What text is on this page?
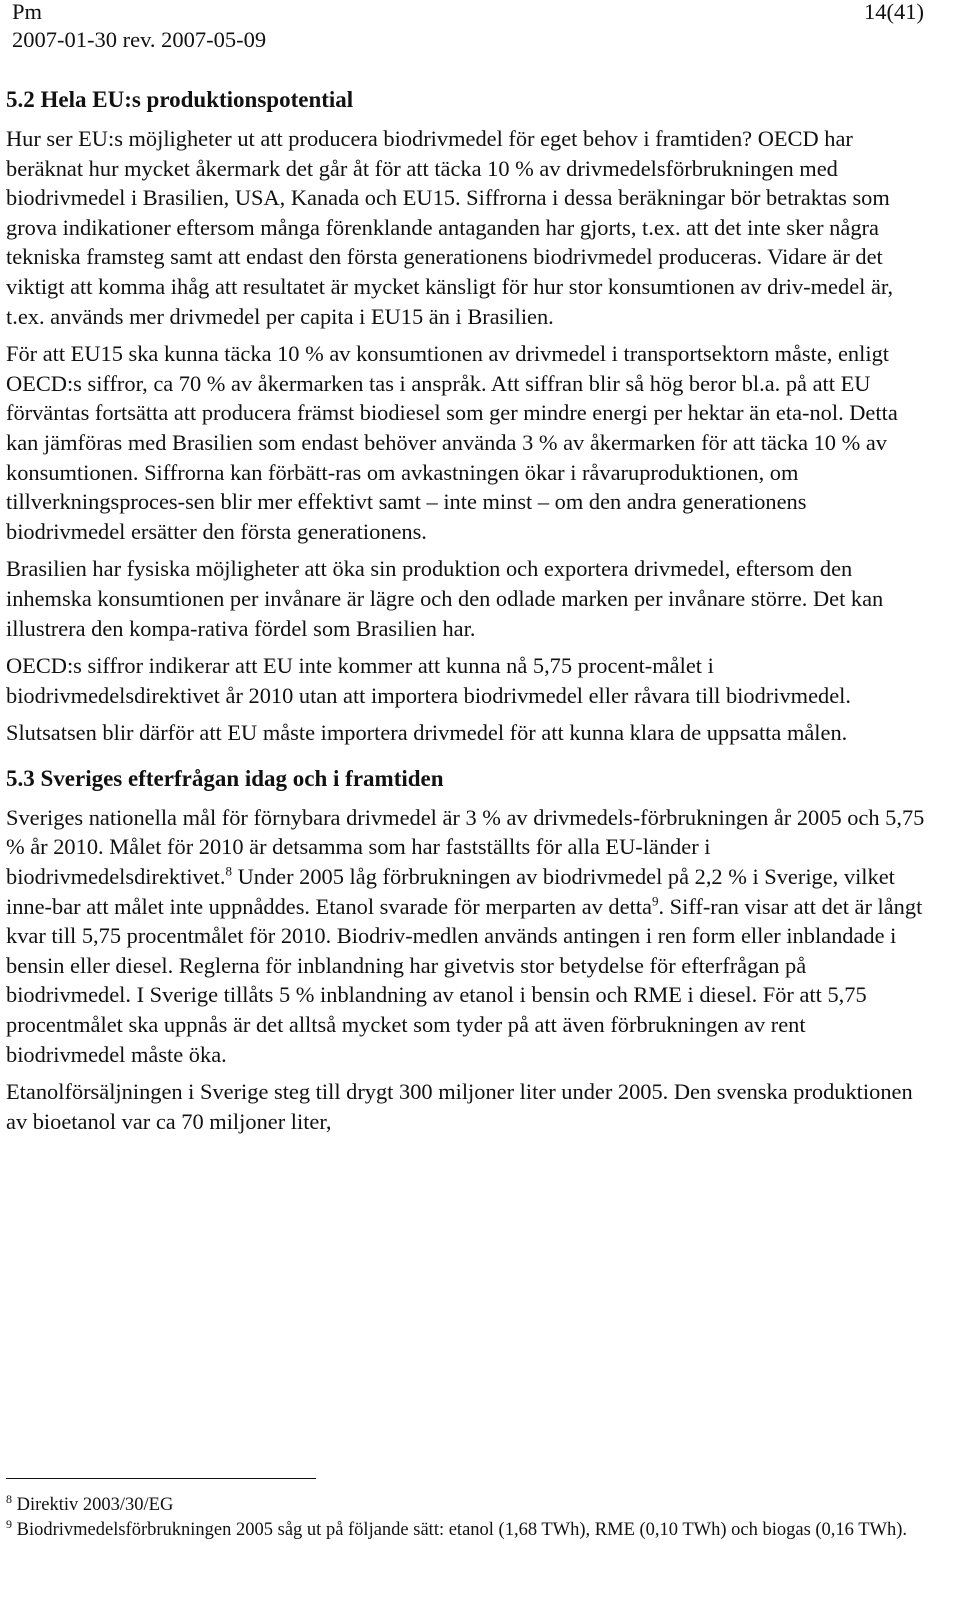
Pm
2007-01-30 rev. 2007-05-09
14(41)
5.2 Hela EU:s produktionspotential

Hur ser EU:s möjligheter ut att producera biodrivmedel för eget behov i framtiden? OECD har beräknat hur mycket åkermark det går åt för att täcka 10 % av drivmedelsförbrukningen med biodrivmedel i Brasilien, USA, Kanada och EU15. Siffrorna i dessa beräkningar bör betraktas som grova indikationer eftersom många förenklande antaganden har gjorts, t.ex. att det inte sker några tekniska framsteg samt att endast den första generationens biodrivmedel produceras. Vidare är det viktigt att komma ihåg att resultatet är mycket känsligt för hur stor konsumtionen av driv-medel är, t.ex. används mer drivmedel per capita i EU15 än i Brasilien.

För att EU15 ska kunna täcka 10 % av konsumtionen av drivmedel i transportsektorn måste, enligt OECD:s siffror, ca 70 % av åkermarken tas i anspråk. Att siffran blir så hög beror bl.a. på att EU förväntas fortsätta att producera främst biodiesel som ger mindre energi per hektar än eta-nol. Detta kan jämföras med Brasilien som endast behöver använda 3 % av åkermarken för att täcka 10 % av konsumtionen. Siffrorna kan förbätt-ras om avkastningen ökar i råvaruproduktionen, om tillverkningsproces-sen blir mer effektivt samt – inte minst – om den andra generationens biodrivmedel ersätter den första generationens.

Brasilien har fysiska möjligheter att öka sin produktion och exportera drivmedel, eftersom den inhemska konsumtionen per invånare är lägre och den odlade marken per invånare större. Det kan illustrera den kompa-rativa fördel som Brasilien har.

OECD:s siffror indikerar att EU inte kommer att kunna nå 5,75 procent-målet i biodrivmedelsdirektivet år 2010 utan att importera biodrivmedel eller råvara till biodrivmedel.

Slutsatsen blir därför att EU måste importera drivmedel för att kunna klara de uppsatta målen.

5.3 Sveriges efterfrågan idag och i framtiden

Sveriges nationella mål för förnybara drivmedel är 3 % av drivmedels-förbrukningen år 2005 och 5,75 % år 2010. Målet för 2010 är detsamma som har fastställts för alla EU-länder i biodrivmedelsdirektivet.$^8$ Under 2005 låg förbrukningen av biodrivmedel på 2,2 % i Sverige, vilket inne-bar att målet inte uppnåddes. Etanol svarade för merparten av detta$^9$. Siff-ran visar att det är långt kvar till 5,75 procentmålet för 2010. Biodriv-medlen används antingen i ren form eller inblandade i bensin eller diesel. Reglerna för inblandning har givetvis stor betydelse för efterfrågan på biodrivmedel. I Sverige tillåts 5 % inblandning av etanol i bensin och RME i diesel. För att 5,75 procentmålet ska uppnås är det alltså mycket som tyder på att även förbrukningen av rent biodrivmedel måste öka.

Etanolförsäljningen i Sverige steg till drygt 300 miljoner liter under 2005. Den svenska produktionen av bioetanol var ca 70 miljoner liter,

$^8$ Direktiv 2003/30/EG
$^9$ Biodrivmedelsförbrukningen 2005 såg ut på följande sätt: etanol (1,68 TWh), RME (0,10 TWh) och biogas (0,16 TWh).
